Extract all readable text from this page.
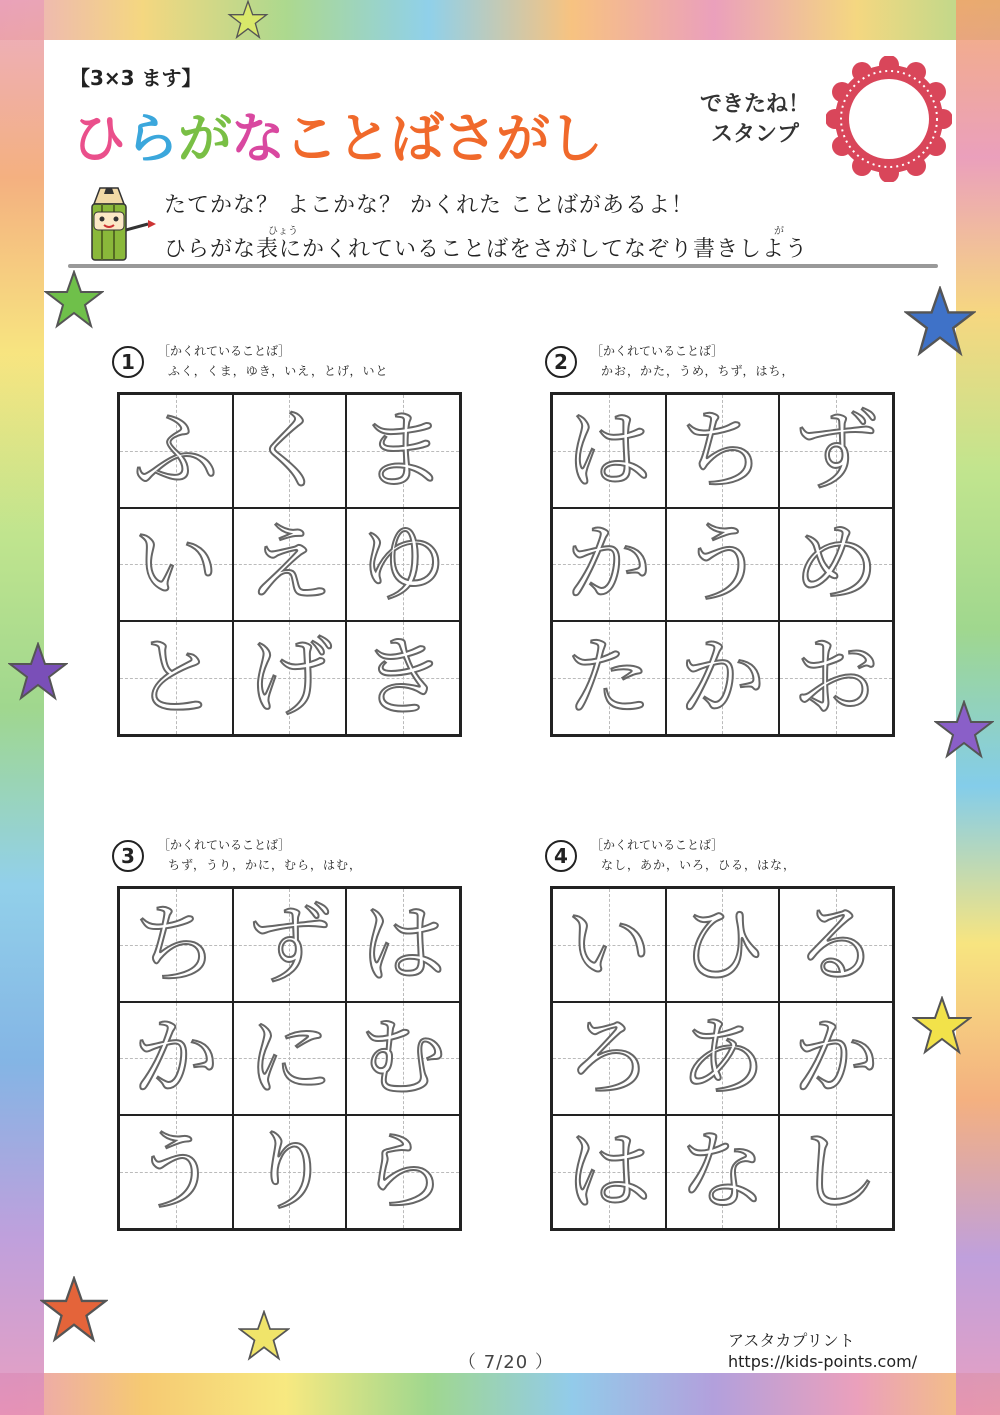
【3×3 ます】
ひらがなことばさがし
できたね！
スタンプ
たてかな？ よこかな？ かくれた ことばがあるよ！
ひょう	が
ひらがな表にかくれていることばをさがしてなぞり書きしよう
1	［かくれていることば］
ふく，くま，ゆき，いえ，とげ，いと
ふ く ま
い え ゆ
と げ き
2	［かくれていることば］
かお，かた，うめ，ちず，はち，
は ち ず
か う め
た か お
3	［かくれていることば］
ちず，うり，かに，むら，はむ，
ち ず は
か に む
う り ら
4	［かくれていることば］
なし，あか，いろ，ひる，はな，
い ひ る
ろ あ か
は な し
（ 7/20 ）
アスタカプリント
https://kids-points.com/
